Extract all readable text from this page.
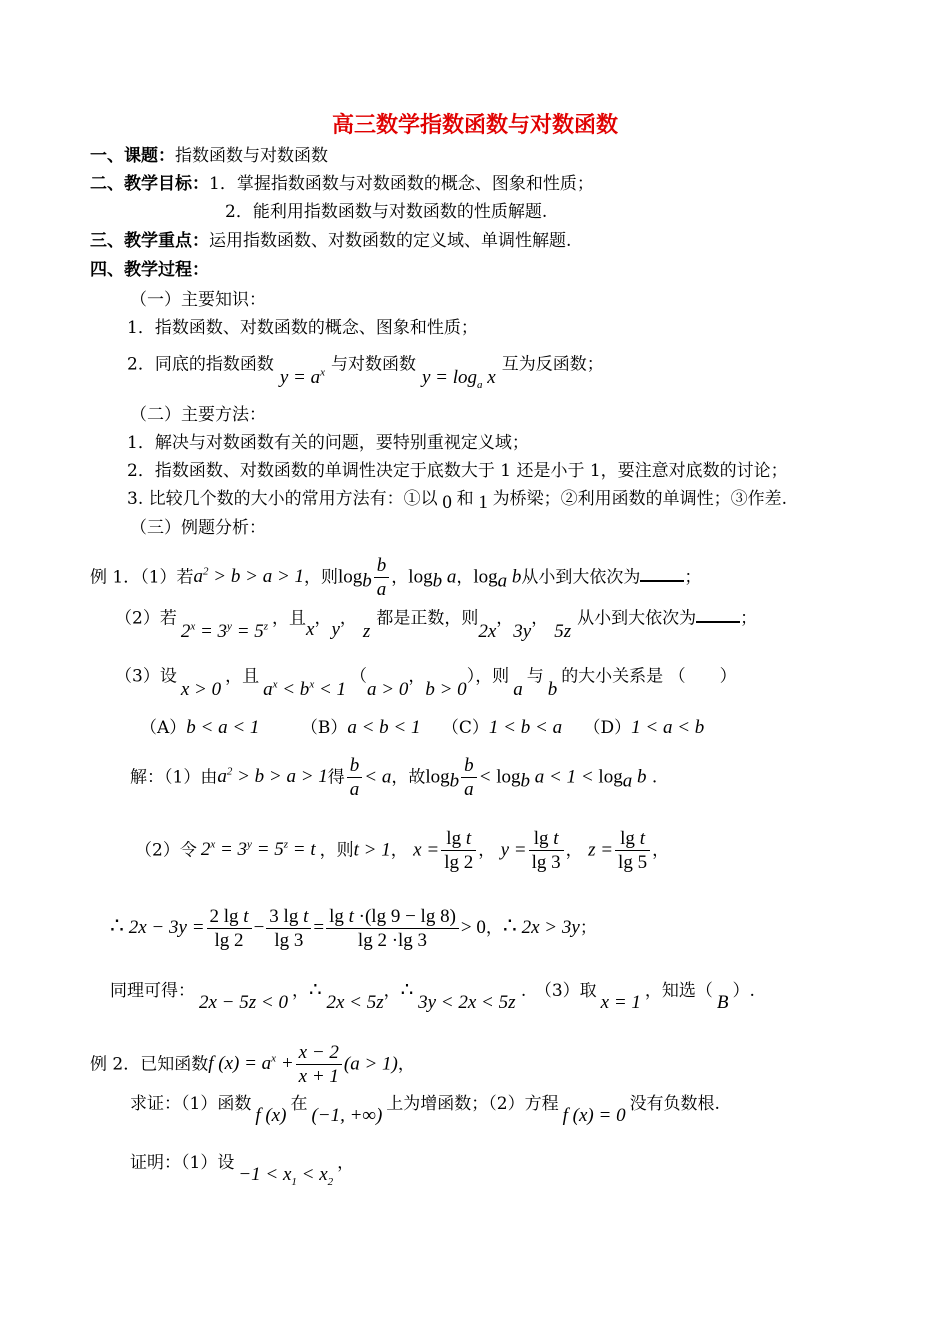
高三数学指数函数与对数函数
一、课题：指数函数与对数函数
二、教学目标：1．掌握指数函数与对数函数的概念、图象和性质；
2．能利用指数函数与对数函数的性质解题.
三、教学重点：运用指数函数、对数函数的定义域、单调性解题.
四、教学过程：
（一）主要知识：
1．指数函数、对数函数的概念、图象和性质；
2．同底的指数函数$y = a^x$ 与对数函数$y = \log_a x$互为反函数；
（二）主要方法：
1．解决与对数函数有关的问题，要特别重视定义域；
2．指数函数、对数函数的单调性决定于底数大于 1 还是小于 1，要注意对底数的讨论；
3. 比较几个数的大小的常用方法有：①以 0 和 1 为桥梁；②利用函数的单调性；③作差.
（三）例题分析：
例 1．（1）若$a^2 > b > a > 1$，则$\log_b \frac{b}{a}$ ，$\log_b a$，$\log_a b$从小到大依次为	；
（2）若$2^x = 3^y = 5^z$ ，且x，y，z都是正数，则2x，3y，5z从小到大依次为	；
（3）设x > 0，且$a^x < b^x < 1(a > 0$，b > 0），则a与b的大小关系是 （　　）
（A）b < a < 1 （B）a < b < 1 （C）1 < b < a （D）1 < a < b
解：（1）由$a^2 > b > a > 1$得 $\frac{b}{a} < a$，故$\log_b \frac{b}{a} < \log_b a < 1 < \log_a b$ .
（2）令 $2^x = 3^y = 5^z = t$ ，则t > 1， $x = \frac{\text{lg t}}{\lg 2}$ ， $y = \frac{\text{lg t}}{\lg 3}$ ， $z = \frac{\text{lg t}}{\lg 5}$ ，
∴ $2x - 3y = \frac{\text{2 lg t}}{\lg 2} - \frac{\text{3 lg t}}{\lg 3} = \frac{\text{lg t ·(lg 9 − lg 8)}}{\lg 2 \cdot\lg 3} > 0$，∴ 2x > 3y；
同理可得：2x − 5z < 0，∴ 2x < 5z，∴ 3y < 2x < 5z .　（3）取x = 1，知选（B）.
例 2．已知函数f $(x) = a^x + \frac{x - 2}{x + 1} (a > 1)$，
求证：（1）函数f (x)在(−1, +∞)上为增函数；（2）方程f (x) = 0没有负数根.
证明：（1）设$-1 < x_1 < x_2$，
